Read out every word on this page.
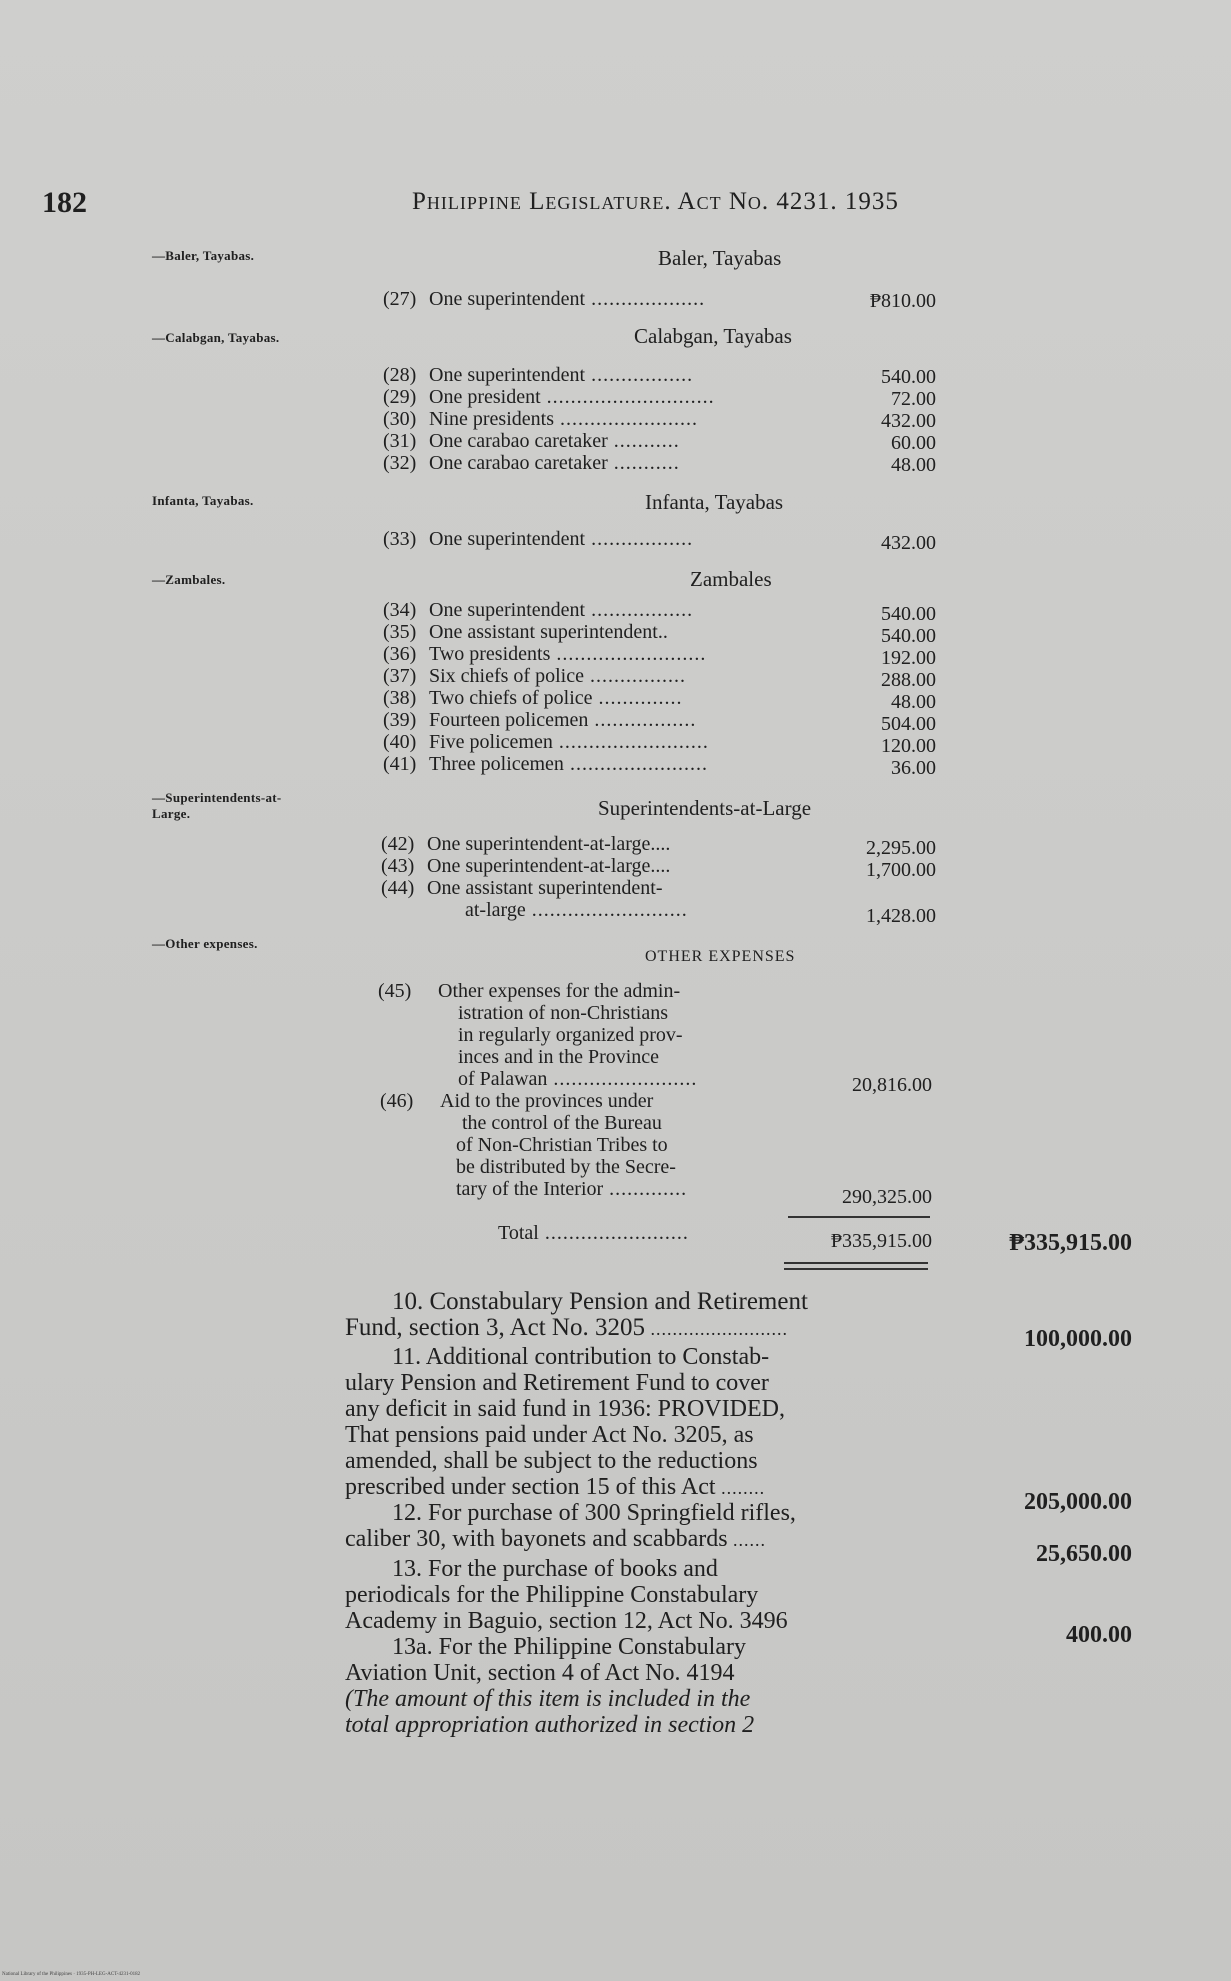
182	Philippine Legislature. Act No. 4231. 1935
—Baler, Tayabas.
—Calabgan, Tayabas.
Infanta, Tayabas.
—Zambales.
—Superintendents-at-
Large.
—Other expenses.
Baler, Tayabas
Calabgan, Tayabas
Infanta, Tayabas
Zambales
Superintendents-at-Large
OTHER EXPENSES
(27) One superintendent ...................	₱810.00
(28) One superintendent .................	540.00
(29) One president ............................	72.00
(30) Nine presidents .......................	432.00
(31) One carabao caretaker ...........	60.00
(32) One carabao caretaker ...........	48.00
(33) One superintendent .................	432.00
(34) One superintendent .................	540.00
(35) One assistant superintendent..	540.00
(36) Two presidents .........................	192.00
(37) Six chiefs of police ................	288.00
(38) Two chiefs of police ..............	48.00
(39) Fourteen policemen .................	504.00
(40) Five policemen .........................	120.00
(41) Three policemen .......................	36.00
(42) One superintendent-at-large....	2,295.00
(43) One superintendent-at-large....	1,700.00
(44) One assistant superintendent-
at-large ..........................	1,428.00
(45) Other expenses for the admin-
istration of non-Christians
in regularly organized prov-
inces and in the Province
of Palawan ........................	20,816.00
(46) Aid to the provinces under
the control of the Bureau
of Non-Christian Tribes to
be distributed by the Secre-
tary of the Interior .............	290,325.00
Total ........................	₱335,915.00	₱335,915.00
10. Constabulary Pension and Retirement
Fund, section 3, Act No. 3205 .........................	100,000.00
11. Additional contribution to Constab-
ulary Pension and Retirement Fund to cover
any deficit in said fund in 1936: PROVIDED,
That pensions paid under Act No. 3205, as
amended, shall be subject to the reductions
prescribed under section 15 of this Act ........
205,000.00
12. For purchase of 300 Springfield rifles,
caliber 30, with bayonets and scabbards ......
25,650.00
13. For the purchase of books and
periodicals for the Philippine Constabulary
Academy in Baguio, section 12, Act No. 3496
400.00
13a. For the Philippine Constabulary
Aviation Unit, section 4 of Act No. 4194
(The amount of this item is included in the
total appropriation authorized in section 2
National Library of the Philippines · 1935-PH-LEG-ACT-4231-0182
